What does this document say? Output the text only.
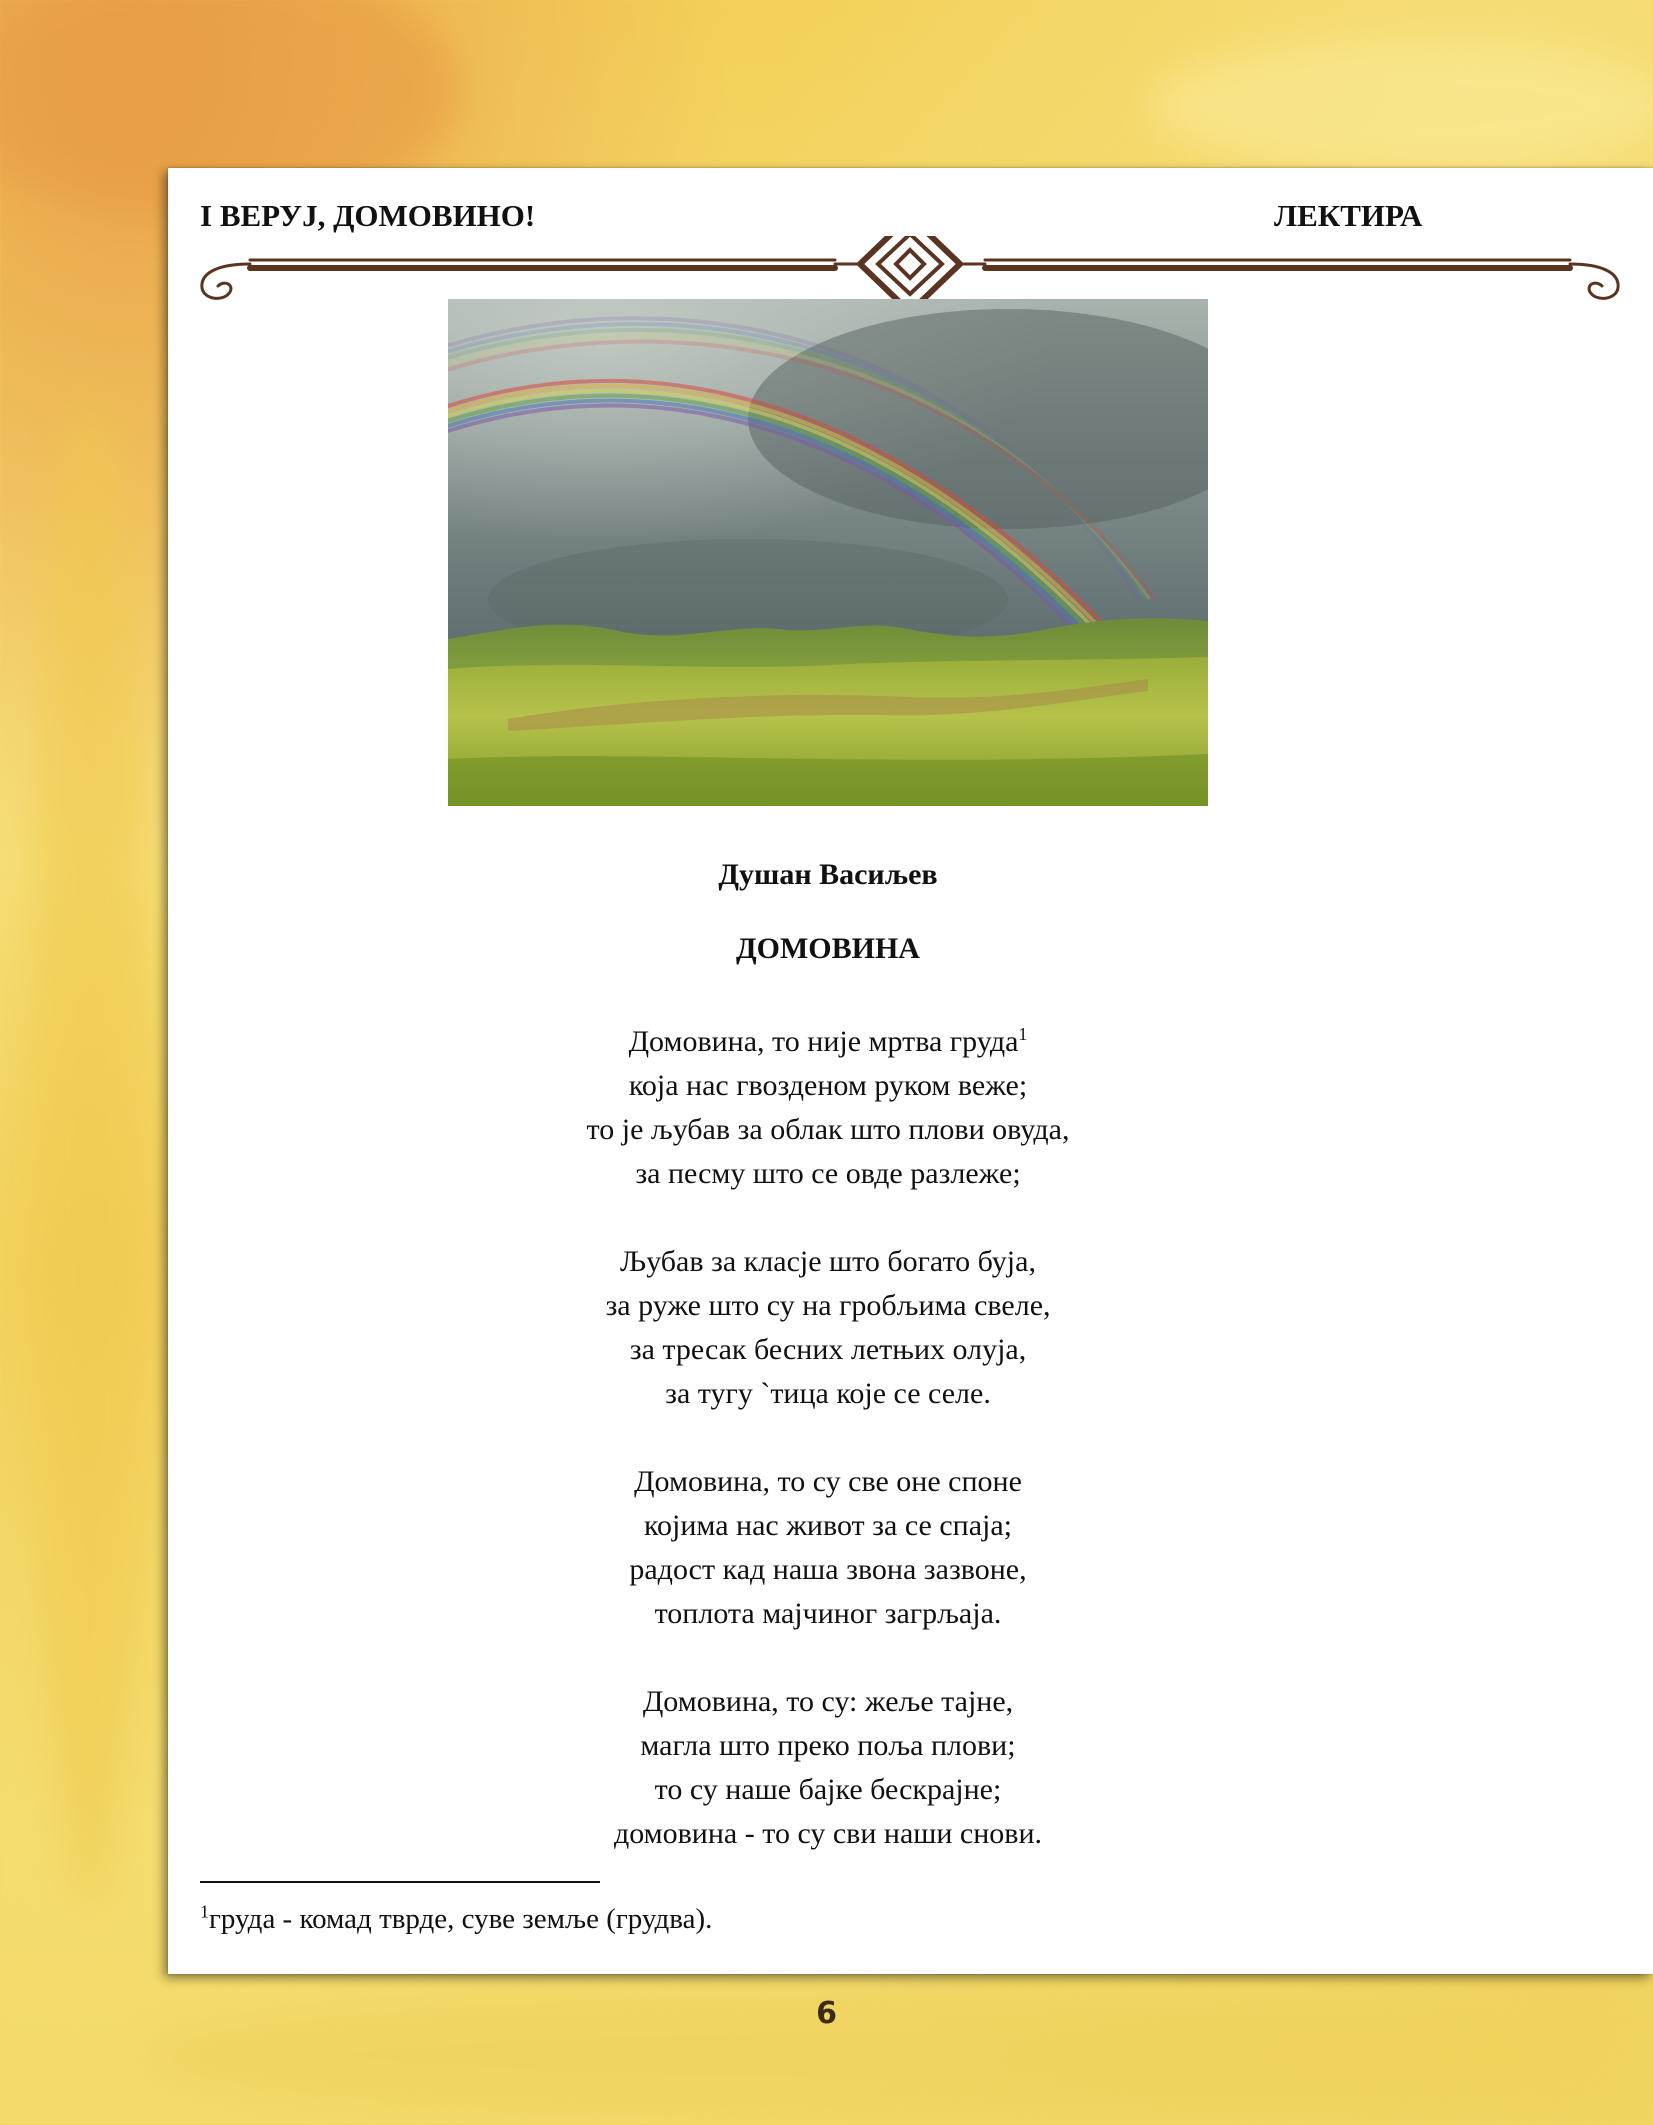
І ВЕРУЈ, ДОМОВИНО!	ЛЕКТИРА
Душан Васиљев
ДОМОВИНА
Домовина, то није мртва груда$^1$
која нас гвозденом руком веже;
то је љубав за облак што плови овуда,
за песму што се овде разлеже;
Љубав за класје што богато буја,
за руже што су на гробљима свеле,
за тресак бесних летњих олуја,
за тугу `тица које се селе.
Домовина, то су све оне споне
којима нас живот за се спаја;
радост кад наша звона зазвоне,
топлота мајчиног загрљаја.
Домовина, то су: жеље тајне,
магла што преко поља плови;
то су наше бајке бескрајне;
домовина - то су сви наши снови.
$^1$груда - комад тврде, суве земље (грудва).
6
